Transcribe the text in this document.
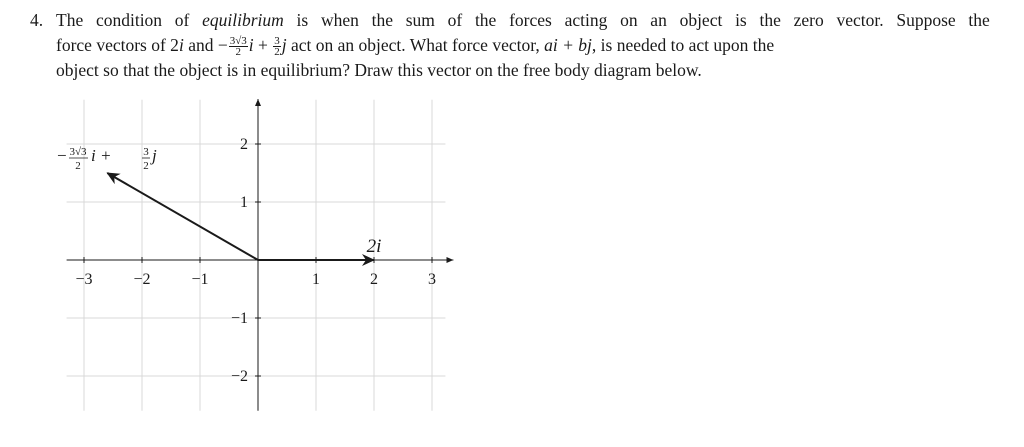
4. The condition of equilibrium is when the sum of the forces acting on an object is the zero vector. Suppose the
force vectors of 2i and − $\frac{3√3}{2}$ $i + \frac{3}{2}$ j act on an object. What force vector, ai + bj, is needed to act upon the
object so that the object is in equilibrium? Draw this vector on the free body diagram below.
−3	−2	−1	1	2	3
2
1
−1
−2
2i
− 3√3
2
i +	3
2
j
